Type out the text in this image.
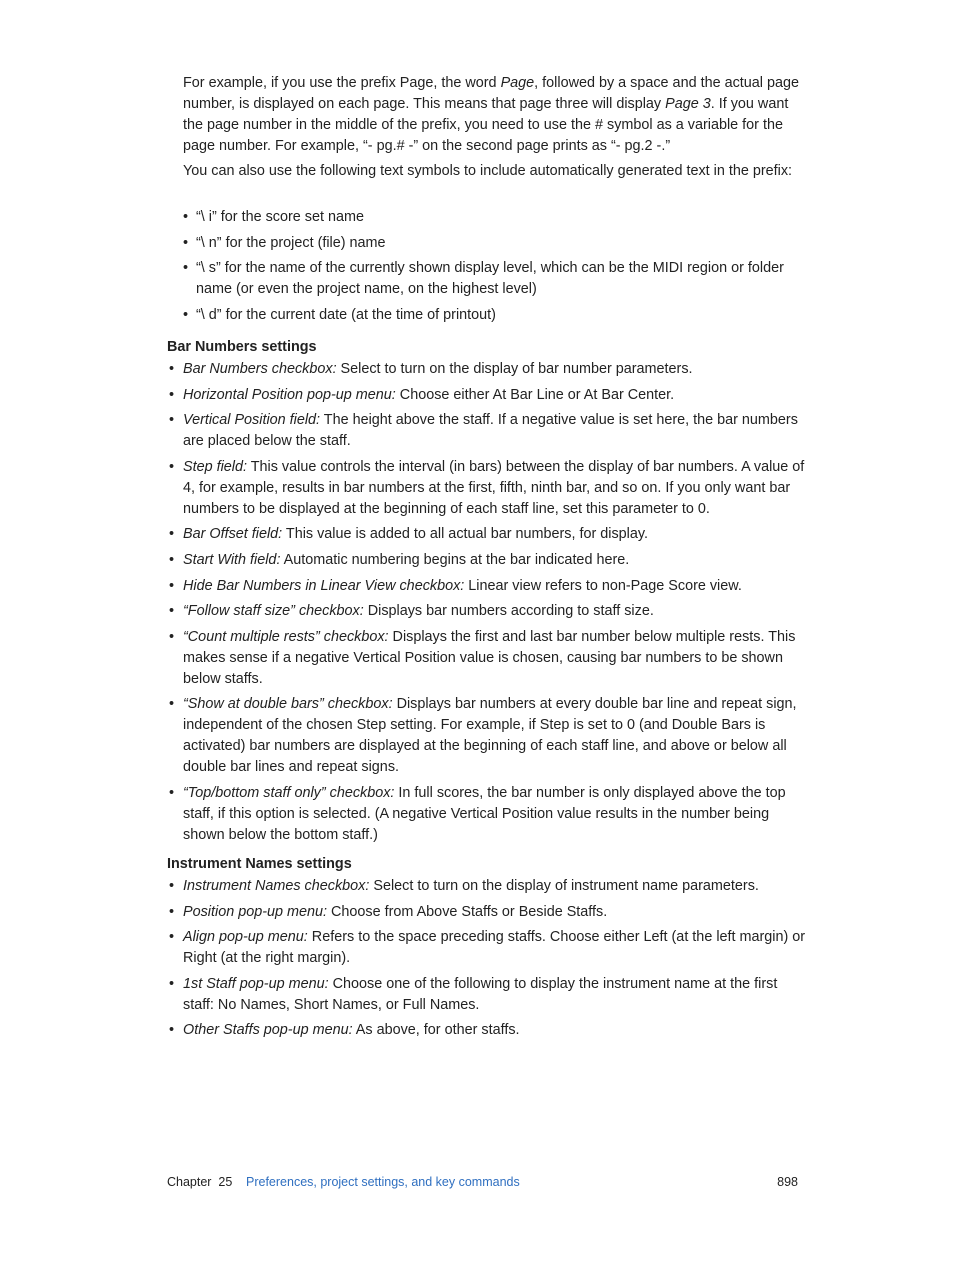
For example, if you use the prefix Page, the word Page, followed by a space and the actual page number, is displayed on each page. This means that page three will display Page 3. If you want the page number in the middle of the prefix, you need to use the # symbol as a variable for the page number. For example, “- pg.# -” on the second page prints as “- pg.2 -.”

You can also use the following text symbols to include automatically generated text in the prefix:

• “\ i” for the score set name

• “\ n” for the project (file) name

• “\ s” for the name of the currently shown display level, which can be the MIDI region or folder name (or even the project name, on the highest level)

• “\ d” for the current date (at the time of printout)

Bar Numbers settings

• Bar Numbers checkbox: Select to turn on the display of bar number parameters.

• Horizontal Position pop-up menu: Choose either At Bar Line or At Bar Center.

• Vertical Position field: The height above the staff. If a negative value is set here, the bar numbers are placed below the staff.

• Step field: This value controls the interval (in bars) between the display of bar numbers. A value of 4, for example, results in bar numbers at the first, fifth, ninth bar, and so on. If you only want bar numbers to be displayed at the beginning of each staff line, set this parameter to 0.

• Bar Offset field: This value is added to all actual bar numbers, for display.

• Start With field: Automatic numbering begins at the bar indicated here.

• Hide Bar Numbers in Linear View checkbox: Linear view refers to non-Page Score view.

• “Follow staff size” checkbox: Displays bar numbers according to staff size.

• “Count multiple rests” checkbox: Displays the first and last bar number below multiple rests. This makes sense if a negative Vertical Position value is chosen, causing bar numbers to be shown below staffs.

• “Show at double bars” checkbox: Displays bar numbers at every double bar line and repeat sign, independent of the chosen Step setting. For example, if Step is set to 0 (and Double Bars is activated) bar numbers are displayed at the beginning of each staff line, and above or below all double bar lines and repeat signs.

• “Top/bottom staff only” checkbox: In full scores, the bar number is only displayed above the top staff, if this option is selected. (A negative Vertical Position value results in the number being shown below the bottom staff.)

Instrument Names settings

• Instrument Names checkbox: Select to turn on the display of instrument name parameters.

• Position pop-up menu: Choose from Above Staffs or Beside Staffs.

• Align pop-up menu: Refers to the space preceding staffs. Choose either Left (at the left margin) or Right (at the right margin).

• 1st Staff pop-up menu: Choose one of the following to display the instrument name at the first staff: No Names, Short Names, or Full Names.

• Other Staffs pop-up menu: As above, for other staffs.

Chapter  25 Preferences, project settings, and key commands	898
